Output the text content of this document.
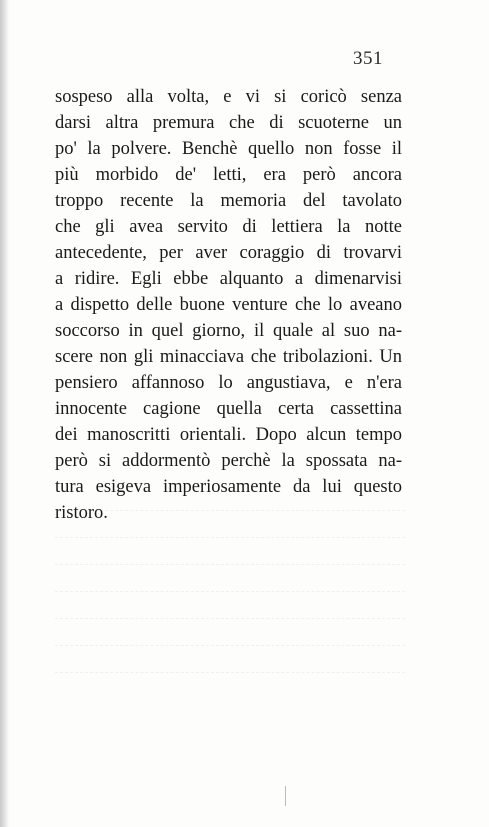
351
sospeso alla volta, e vi si coricò senza
darsi altra premura che di scuoterne un
po' la polvere. Benchè quello non fosse il
più morbido de' letti, era però ancora
troppo recente la memoria del tavolato
che gli avea servito di lettiera la notte
antecedente, per aver coraggio di trovarvi
a ridire. Egli ebbe alquanto a dimenarvisi
a dispetto delle buone venture che lo aveano
soccorso in quel giorno, il quale al suo na-
scere non gli minacciava che tribolazioni. Un
pensiero affannoso lo angustiava, e n'era
innocente cagione quella certa cassettina
dei manoscritti orientali. Dopo alcun tempo
però si addormentò perchè la spossata na-
tura esigeva imperiosamente da lui questo
ristoro.
